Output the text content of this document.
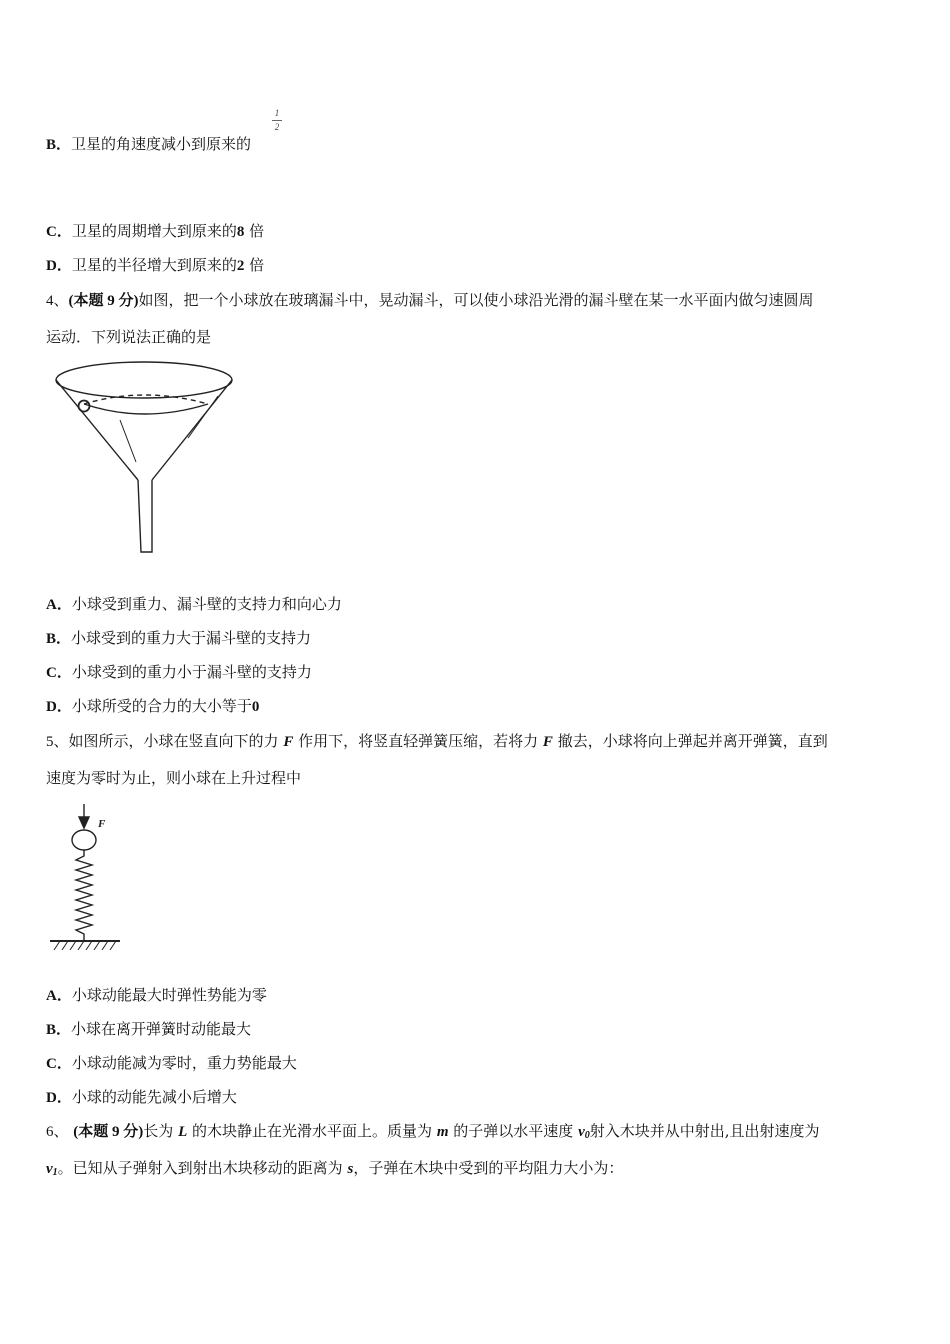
B．卫星的角速度减小到原来的
1
2
C．卫星的周期增大到原来的8 倍
D．卫星的半径增大到原来的2 倍
4、(本题 9 分)如图，把一个小球放在玻璃漏斗中，晃动漏斗，可以使小球沿光滑的漏斗壁在某一水平面内做匀速圆周
运动．下列说法正确的是
A．小球受到重力、漏斗壁的支持力和向心力
B．小球受到的重力大于漏斗壁的支持力
C．小球受到的重力小于漏斗壁的支持力
D．小球所受的合力的大小等于0
5、如图所示，小球在竖直向下的力 F 作用下，将竖直轻弹簧压缩，若将力 F 撤去，小球将向上弹起并离开弹簧，直到
速度为零时为止，则小球在上升过程中
F
A．小球动能最大时弹性势能为零
B．小球在离开弹簧时动能最大
C．小球动能减为零时，重力势能最大
D．小球的动能先减小后增大
6、 (本题 9 分)长为 L 的木块静止在光滑水平面上。质量为 m 的子弹以水平速度 $v_0$射入木块并从中射出,且出射速度为
$v_1$。已知从子弹射入到射出木块移动的距离为 s，子弹在木块中受到的平均阻力大小为：
